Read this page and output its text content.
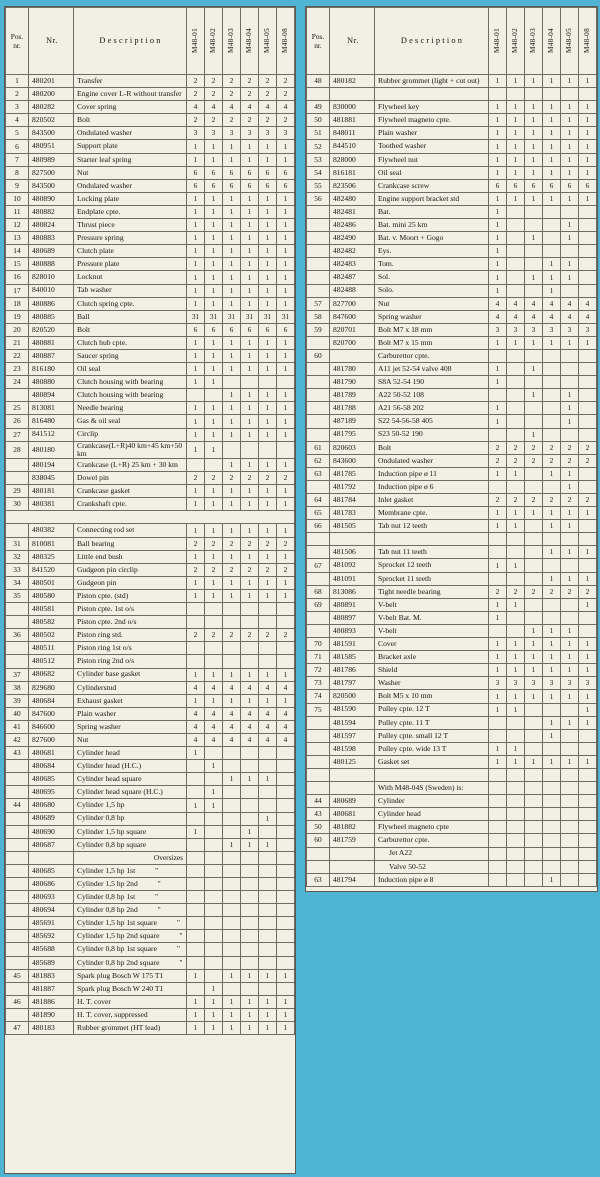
Pos.
nr.	Nr.	Description	M48-01	M48-02	M48-03	M48-04	M48-05	M48-08

1	480201	Transfer	2	2	2	2	2	2
2	480200	Engine cover L-R without transfer	2	2	2	2	2	2
3	480282	Cover spring	4	4	4	4	4	4
4	820502	Bolt	2	2	2	2	2	2
5	843500	Ondulated washer	3	3	3	3	3	3
6	480951	Support plate	1	1	1	1	1	1
7	480989	Starter leaf spring	1	1	1	1	1	1
8	827500	Nut	6	6	6	6	6	6
9	843500	Ondulated washer	6	6	6	6	6	6
10	480890	Locking plate	1	1	1	1	1	1
11	480882	Endplate cpte.	1	1	1	1	1	1
12	480824	Thrust piece	1	1	1	1	1	1
13	480883	Pressure spring	1	1	1	1	1	1
14	480689	Clutch plate	1	1	1	1	1	1
15	480888	Pressure plate	1	1	1	1	1	1
16	828010	Locknut	1	1	1	1	1	1
17	840010	Tab washer	1	1	1	1	1	1
18	480886	Clutch spring cpte.	1	1	1	1	1	1
19	480885	Ball	31	31	31	31	31	31
20	820520	Bolt	6	6	6	6	6	6
21	480881	Clutch hub cpte.	1	1	1	1	1	1
22	480887	Saucer spring	1	1	1	1	1	1
23	816180	Oil seal	1	1	1	1	1	1
24	480880	Clutch housing with bearing	1	1				
	480894	Clutch housing with bearing			1	1	1	1
25	813081	Needle bearing	1	1	1	1	1	1
26	816480	Gas & oil seal	1	1	1	1	1	1
27	841512	Circlip	1	1	1	1	1	1
28	480180	Crankcase(L+R)40 km+45 km+50 km	1	1				
	480194	Crankcase (L+R) 25 km + 30 km			1	1	1	1
	838045	Dowel pin	2	2	2	2	2	2
29	480181	Crankcase gasket	1	1	1	1	1	1
30	480381	Crankshaft cpte.	1	1	1	1	1	1

	480382	Connecting rod set	1	1	1	1	1	1
31	810081	Ball bearing	2	2	2	2	2	2
32	480325	Little end bush	1	1	1	1	1	1
33	841520	Gudgeon pin circlip	2	2	2	2	2	2
34	480501	Gudgeon pin	1	1	1	1	1	1
35	480580	Piston cpte. (std)	1	1	1	1	1	1
	480581	Piston cpte. 1st o/s						
	480582	Piston cpte. 2nd o/s						
36	480502	Piston ring std.	2	2	2	2	2	2
	480511	Piston ring 1st o/s						
	480512	Piston ring 2nd o/s						
37	480682	Cylinder base gasket	1	1	1	1	1	1
38	829680	Cylinderstud	4	4	4	4	4	4
39	480684	Exhaust gasket	1	1	1	1	1	1
40	847600	Plain washer	4	4	4	4	4	4
41	846600	Spring washer	4	4	4	4	4	4
42	827600	Nut	4	4	4	4	4	4
43	480681	Cylinder head	1					
	480684	Cylinder head (H.C.)		1				
	480685	Cylinder head square			1	1	1	
	480695	Cylinder head square (H.C.)		1				
44	480680	Cylinder 1,5 hp	1	1				
	480689	Cylinder 0,8 hp					1	
	480690	Cylinder 1,5 hp square	1			1		
	480687	Cylinder 0,8 hp square			1	1	1	
		Oversizes						
	480685	Cylinder 1,5 hp 1st "						
	480686	Cylinder 1,5 hp 2nd "						
	480693	Cylinder 0,8 hp 1st "						
	480694	Cylinder 0,8 hp 2nd "						
	485691	Cylinder 1,5 hp 1st square "						
	485692	Cylinder 1,5 hp 2nd square "						
	485688	Cylinder 0,8 hp 1st square "						
	485689	Cylinder 0,8 hp 2nd square "						
45	481883	Spark plug Bosch W 175 T1	1		1	1	1	1
	481887	Spark plug Bosch W 240 T1		1				
46	481886	H. T. cover	1	1	1	1	1	1
	481890	H. T. cover, suppressed	1	1	1	1	1	1
47	480183	Rubber grommet (HT lead)	1	1	1	1	1	1
Pos.
nr.	Nr.	Description	M48-01	M48-02	M48-03	M48-04	M48-05	M48-08

48	480182	Rubber grommet (light + cut out)	1	1	1	1	1	1

49	830000	Flywheel key	1	1	1	1	1	1
50	481881	Flywheel magneto cpte.	1	1	1	1	1	1
51	848011	Plain washer	1	1	1	1	1	1
52	844510	Toothed washer	1	1	1	1	1	1
53	828000	Flywheel nut	1	1	1	1	1	1
54	816181	Oil seal	1	1	1	1	1	1
55	823506	Crankcase screw	6	6	6	6	6	6
56	482480	Engine support bracket std	1	1	1	1	1	1
	482481	Bat.	1					
	482486	Bat. mini 25 km	1				1	
	482490	Bat. v. Moort + Gogo	1		1		1	
	482482	Eys.	1					
	482483	Tom.	1			1	1	
	482487	Sol.	1		1	1	1	
	482488	Solo.	1			1		
57	827700	Nut	4	4	4	4	4	4
58	847600	Spring washer	4	4	4	4	4	4
59	820701	Bolt M7 x 18 mm	3	3	3	3	3	3
	820700	Bolt M7 x 15 mm	1	1	1	1	1	1
60		Carburettor cpte.						
	481780	A11 jet 52-54 valve 408	1		1			
	481790	S8A 52-54 190	1					
	481789	A22 50-52 108			1		1	
	481788	A21 56-58 202	1				1	
	487189	S22 54-56-58 405	1				1	
	481795	S23 50-52 190			1			
61	820603	Bolt	2	2	2	2	2	2
62	843600	Ondulated washer	2	2	2	2	2	2
63	481785	Induction pipe ø 11	1	1		1	1	
	481792	Induction pipe ø 6					1	
64	481784	Inlet gasket	2	2	2	2	2	2
65	481783	Membrane cpte.	1	1	1	1	1	1
66	481505	Tab nut 12 teeth	1	1		1	1	

	481506	Tab nut 11 teeth				1	1	1
67	481092	Sprocket 12 teeth	1	1				
	481091	Sprocket 11 teeth				1	1	1
68	813086	Tight needle bearing	2	2	2	2	2	2
69	480891	V-belt	1	1				1
	480897	V-belt Bat. M.	1					
	480893	V-belt			1	1	1	
70	481591	Cover	1	1	1	1	1	1
71	481585	Bracket axle	1	1	1	1	1	1
72	481786	Shield	1	1	1	1	1	1
73	481797	Washer	3	3	3	3	3	3
74	820500	Bolt M5 x 10 mm	1	1	1	1	1	1
75	481590	Pulley cpte. 12 T	1	1				1
	481594	Pulley cpte. 11 T				1	1	1
	481597	Pulley cpte. small 12 T				1		
	481598	Pulley cpte. wide 13 T	1	1				
	480125	Gasket set	1	1	1	1	1	1

		With M48-04S (Sweden) is:						
44	480689	Cylinder						
43	480681	Cylinder head						
50	481882	Flywheel magneto cpte						
60	481759	Carburettor cpte.						
		Jet A22						
		Valve 50-52						
63	481794	Induction pipe ø 8				1		
